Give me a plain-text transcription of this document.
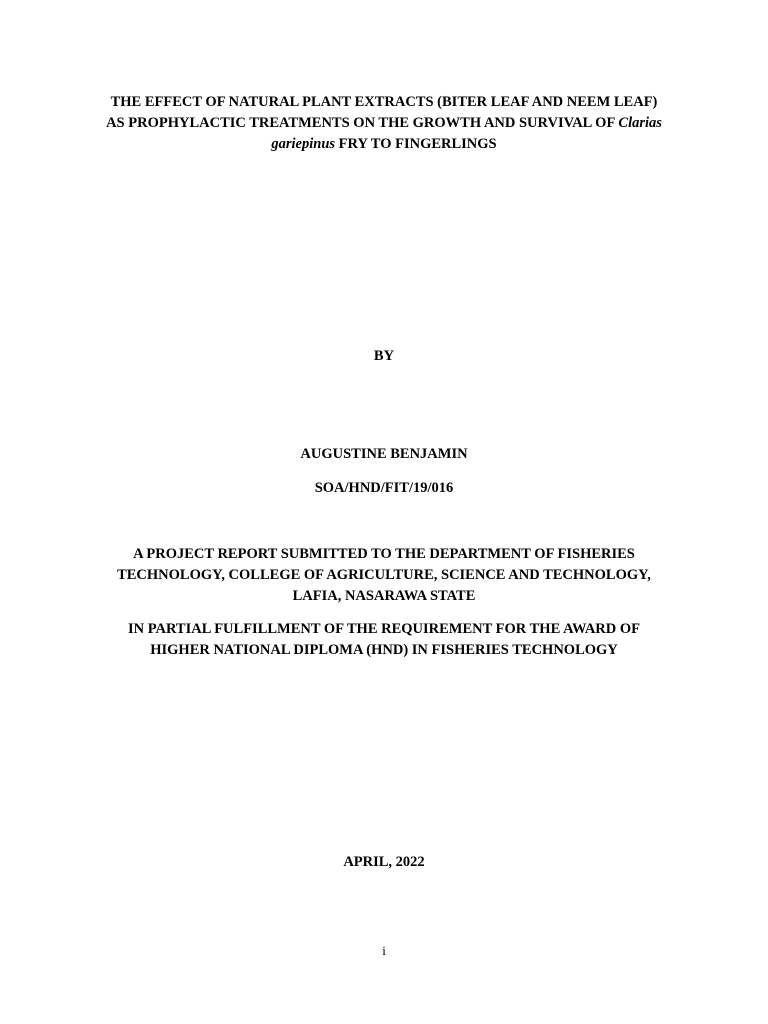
THE EFFECT OF NATURAL PLANT EXTRACTS (BITER LEAF AND NEEM LEAF)
AS PROPHYLACTIC TREATMENTS ON THE GROWTH AND SURVIVAL OF Clarias
gariepinus FRY TO FINGERLINGS
BY
AUGUSTINE BENJAMIN
SOA/HND/FIT/19/016
A PROJECT REPORT SUBMITTED TO THE DEPARTMENT OF FISHERIES
TECHNOLOGY, COLLEGE OF AGRICULTURE, SCIENCE AND TECHNOLOGY,
LAFIA, NASARAWA STATE
IN PARTIAL FULFILLMENT OF THE REQUIREMENT FOR THE AWARD OF
HIGHER NATIONAL DIPLOMA (HND) IN FISHERIES TECHNOLOGY
APRIL, 2022
i
